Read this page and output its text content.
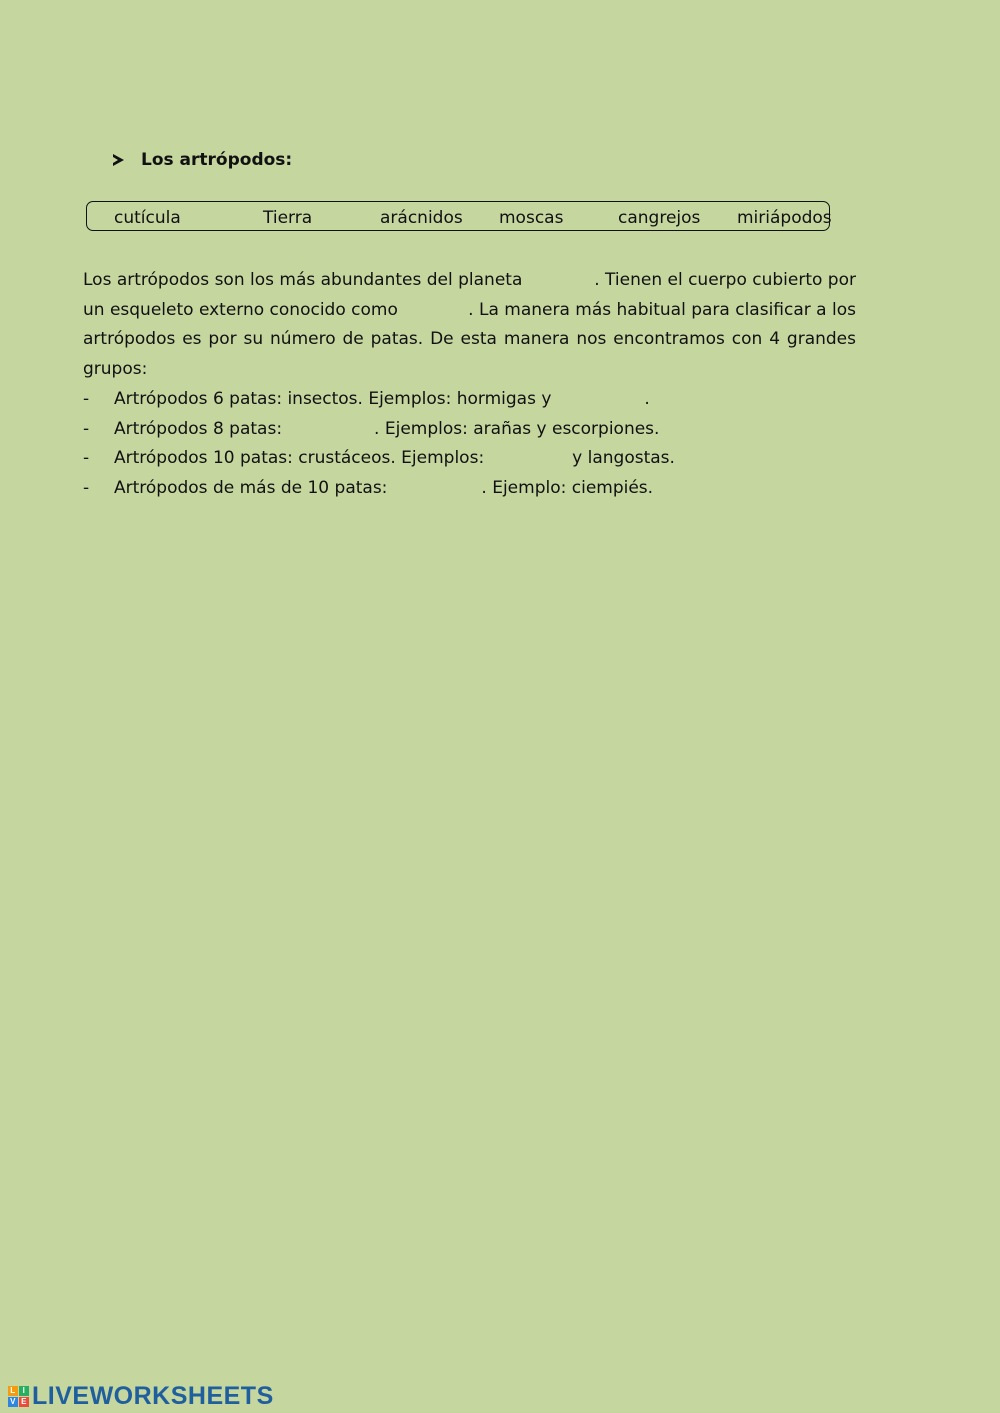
Los artrópodos:
cutícula	Tierra	arácnidos moscas	cangrejos miriápodos
Los artrópodos son los más abundantes del planeta	. Tienen el cuerpo cubierto por
un esqueleto externo conocido como	. La manera más habitual para clasificar a los
artrópodos es por su número de patas. De esta manera nos encontramos con 4 grandes
grupos:
- Artrópodos 6 patas: insectos. Ejemplos: hormigas y	.
- Artrópodos 8 patas:	. Ejemplos: arañas y escorpiones.
- Artrópodos 10 patas: crustáceos. Ejemplos:	y langostas.
- Artrópodos de más de 10 patas:	. Ejemplo: ciempiés.
L I
V E LIVEWORKSHEETS
